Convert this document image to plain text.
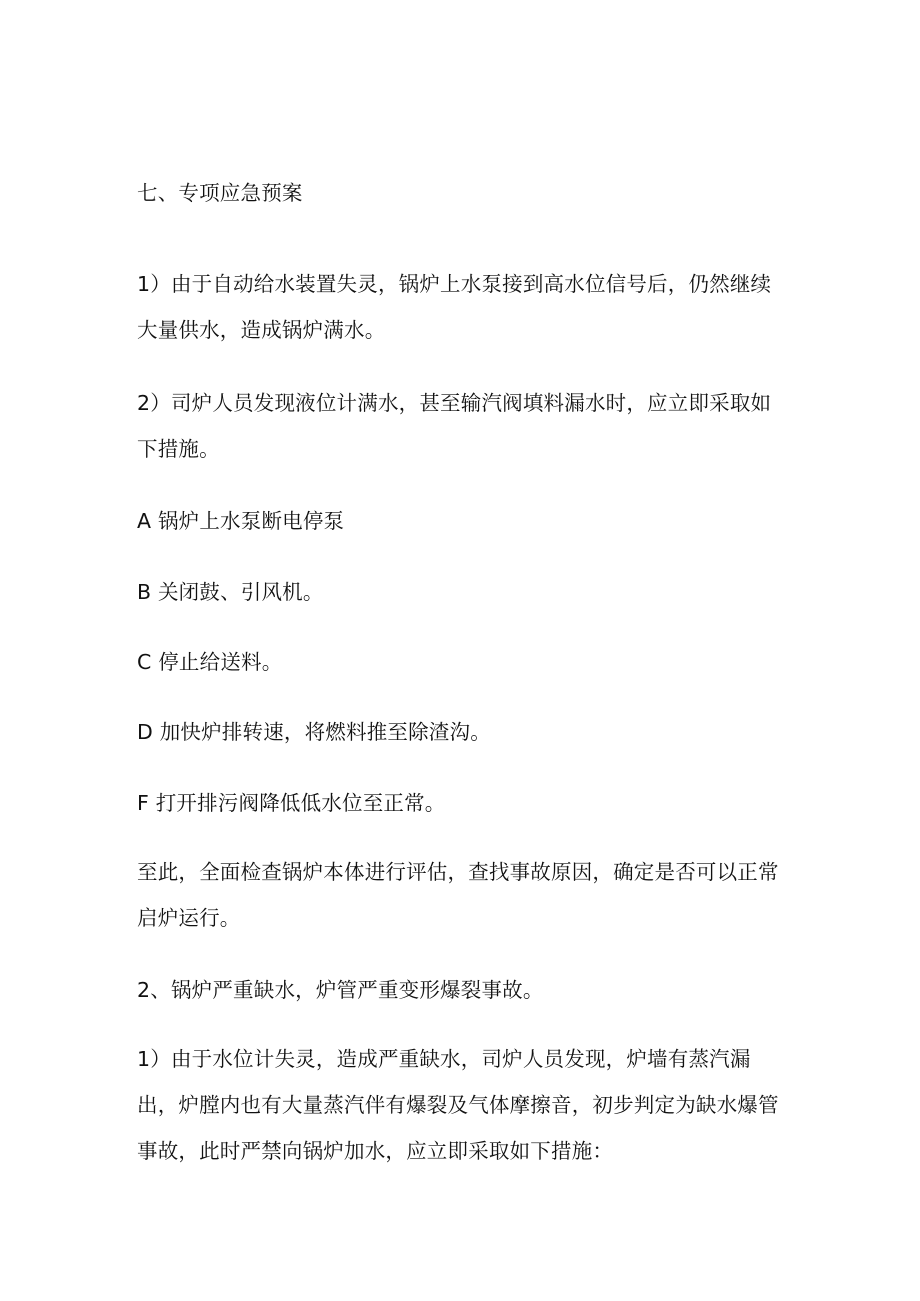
七、专项应急预案

1）由于自动给水装置失灵，锅炉上水泵接到高水位信号后，仍然继续大量供水，造成锅炉满水。

2）司炉人员发现液位计满水，甚至输汽阀填料漏水时，应立即采取如下措施。

A 锅炉上水泵断电停泵

B 关闭鼓、引风机。

C 停止给送料。

D 加快炉排转速，将燃料推至除渣沟。

F 打开排污阀降低低水位至正常。

至此，全面检查锅炉本体进行评估，查找事故原因，确定是否可以正常启炉运行。

2、锅炉严重缺水，炉管严重变形爆裂事故。

1）由于水位计失灵，造成严重缺水，司炉人员发现，炉墙有蒸汽漏出，炉膛内也有大量蒸汽伴有爆裂及气体摩擦音，初步判定为缺水爆管事故，此时严禁向锅炉加水，应立即采取如下措施：
